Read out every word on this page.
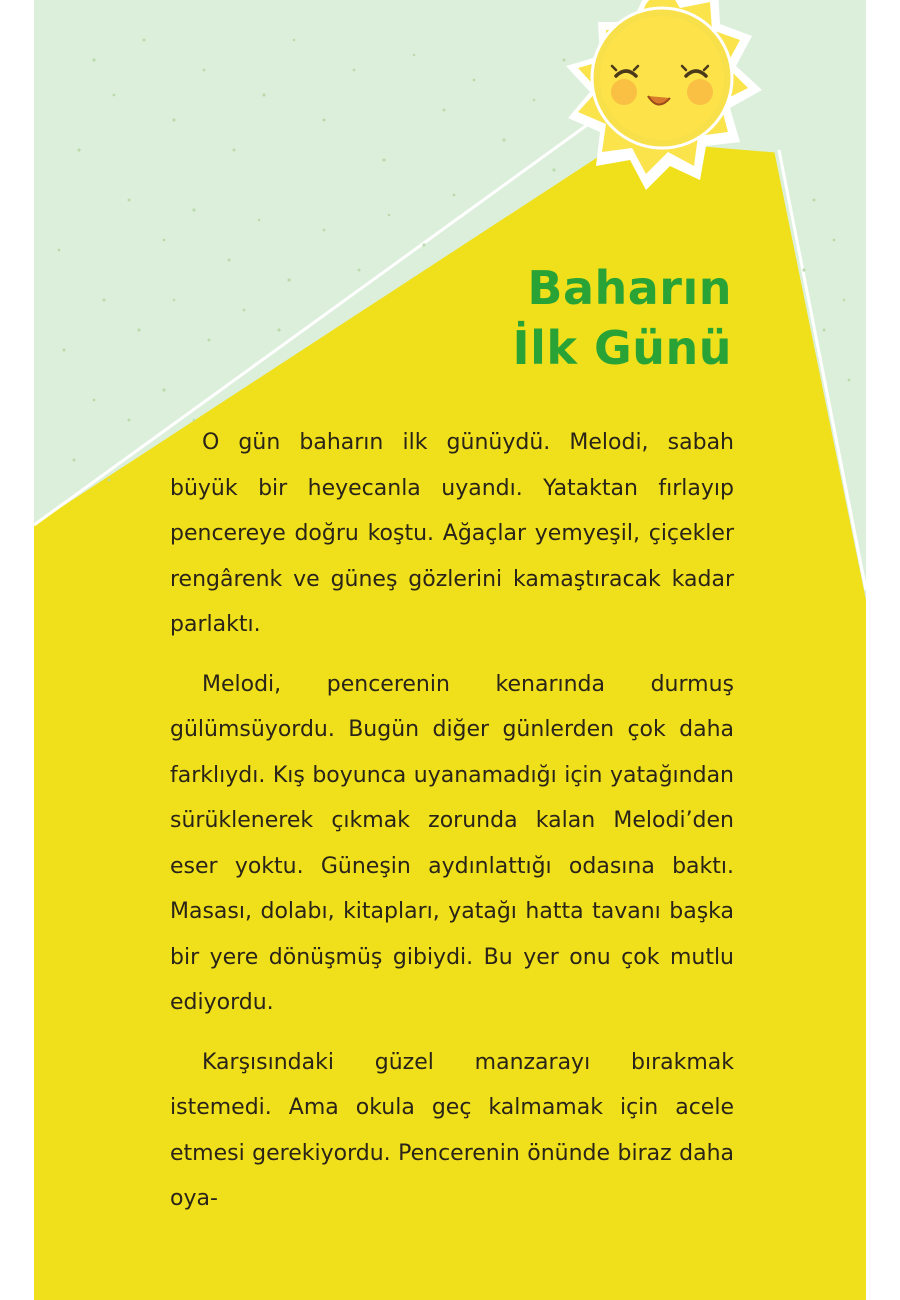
Baharın
İlk Günü

O gün baharın ilk günüydü. Melodi, sabah büyük bir heyecanla uyandı. Yataktan fırlayıp pencereye doğru koştu. Ağaçlar yemyeşil, çiçekler rengârenk ve güneş gözlerini kamaştıracak kadar parlaktı.

Melodi, pencerenin kenarında durmuş gülümsüyordu. Bugün diğer günlerden çok daha farklıydı. Kış boyunca uyanamadığı için yatağından sürüklenerek çıkmak zorunda kalan Melodi’den eser yoktu. Güneşin aydınlattığı odasına baktı. Masası, dolabı, kitapları, yatağı hatta tavanı başka bir yere dönüşmüş gibiydi. Bu yer onu çok mutlu ediyordu.

Karşısındaki güzel manzarayı bırakmak istemedi. Ama okula geç kalmamak için acele etmesi gerekiyordu. Pencerenin önünde biraz daha oya-
